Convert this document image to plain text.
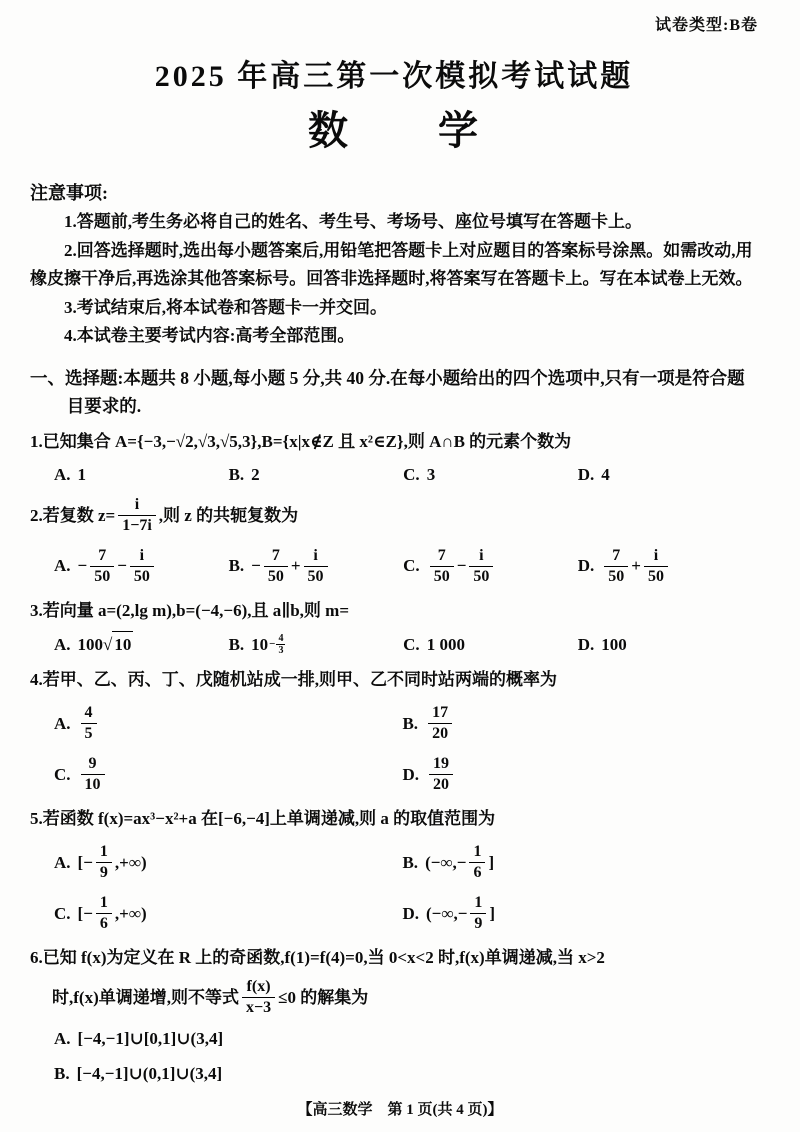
试卷类型:B卷
2025 年高三第一次模拟考试试题
数 学
注意事项:

1.答题前,考生务必将自己的姓名、考生号、考场号、座位号填写在答题卡上。

2.回答选择题时,选出每小题答案后,用铅笔把答题卡上对应题目的答案标号涂黑。如需改动,用橡皮擦干净后,再选涂其他答案标号。回答非选择题时,将答案写在答题卡上。写在本试卷上无效。

3.考试结束后,将本试卷和答题卡一并交回。

4.本试卷主要考试内容:高考全部范围。

一、选择题:本题共 8 小题,每小题 5 分,共 40 分.在每小题给出的四个选项中,只有一项是符合题目要求的.
1.已知集合 A={−3,−√2,√3,√5,3},B={x|x∉Z 且 x²∈Z},则 A∩B 的元素个数为
A. 1	B. 2	C. 3	D. 4
2.若复数 $z= \frac{i}{1-7i}$ ,则 z 的共轭复数为
A. − $\frac{7}{50} - \frac{i}{50}$	B. − $\frac{7}{50} + \frac{i}{50}$	C. $\frac{7}{50} - \frac{i}{50}$	D. $\frac{7}{50} + \frac{i}{50}$
3.若向量 a=(2,lg m),b=(−4,−6),且 a∥b,则 m=
A. 100√ 10	B. $10 - \frac{4}{3}$	C. 1 000	D. 100
4.若甲、乙、丙、丁、戊随机站成一排,则甲、乙不同时站两端的概率为
A. $\frac{4}{5}$	B. $\frac{17}{20}$
C. $\frac{9}{10}$	D. $\frac{19}{20}$
5.若函数 f(x)=ax³−x²+a 在[−6,−4]上单调递减,则 a 的取值范围为
A. [− $\frac{1}{9}$ ,+∞)	B. (−∞,− $\frac{1}{6}$ ]
C. [− $\frac{1}{6}$ ,+∞)	D. (−∞,− $\frac{1}{9}$ ]
6.已知 f(x)为定义在 R 上的奇函数,f(1)=f(4)=0,当 0<x<2 时,f(x)单调递减,当 x>2
时,f(x)单调递增,则不等式 $\frac{f(x)}{x-3} \le 0$ 的解集为
A. [−4,−1]∪[0,1]∪(3,4]
B. [−4,−1]∪(0,1]∪(3,4]
【高三数学　第 1 页(共 4 页)】
